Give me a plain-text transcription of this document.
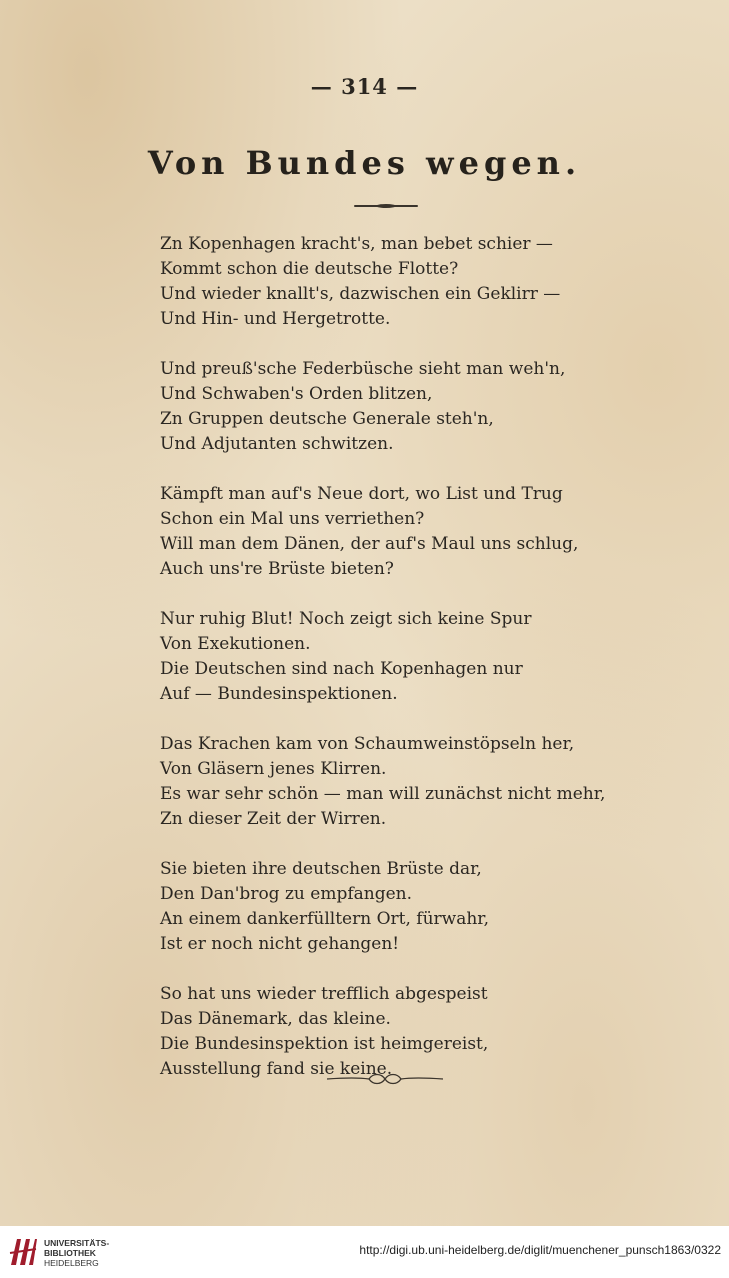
— 314 —
Von Bundes wegen.
Zn Kopenhagen kracht's, man bebet schier —
Kommt schon die deutsche Flotte?
Und wieder knallt's, dazwischen ein Geklirr —
Und Hin- und Hergetrotte.
Und preuß'sche Federbüsche sieht man weh'n,
Und Schwaben's Orden blitzen,
Zn Gruppen deutsche Generale steh'n,
Und Adjutanten schwitzen.
Kämpft man auf's Neue dort, wo List und Trug
Schon ein Mal uns verriethen?
Will man dem Dänen, der auf's Maul uns schlug,
Auch uns're Brüste bieten?
Nur ruhig Blut! Noch zeigt sich keine Spur
Von Exekutionen.
Die Deutschen sind nach Kopenhagen nur
Auf — Bundesinspektionen.
Das Krachen kam von Schaumweinstöpseln her,
Von Gläsern jenes Klirren.
Es war sehr schön — man will zunächst nicht mehr,
Zn dieser Zeit der Wirren.
Sie bieten ihre deutschen Brüste dar,
Den Dan'brog zu empfangen.
An einem dankerfülltern Ort, fürwahr,
Ist er noch nicht gehangen!
So hat uns wieder trefflich abgespeist
Das Dänemark, das kleine.
Die Bundesinspektion ist heimgereist,
Ausstellung fand sie keine.
UNIVERSITÄTS-
BIBLIOTHEK
HEIDELBERG
http://digi.ub.uni-heidelberg.de/diglit/muenchener_punsch1863/0322
